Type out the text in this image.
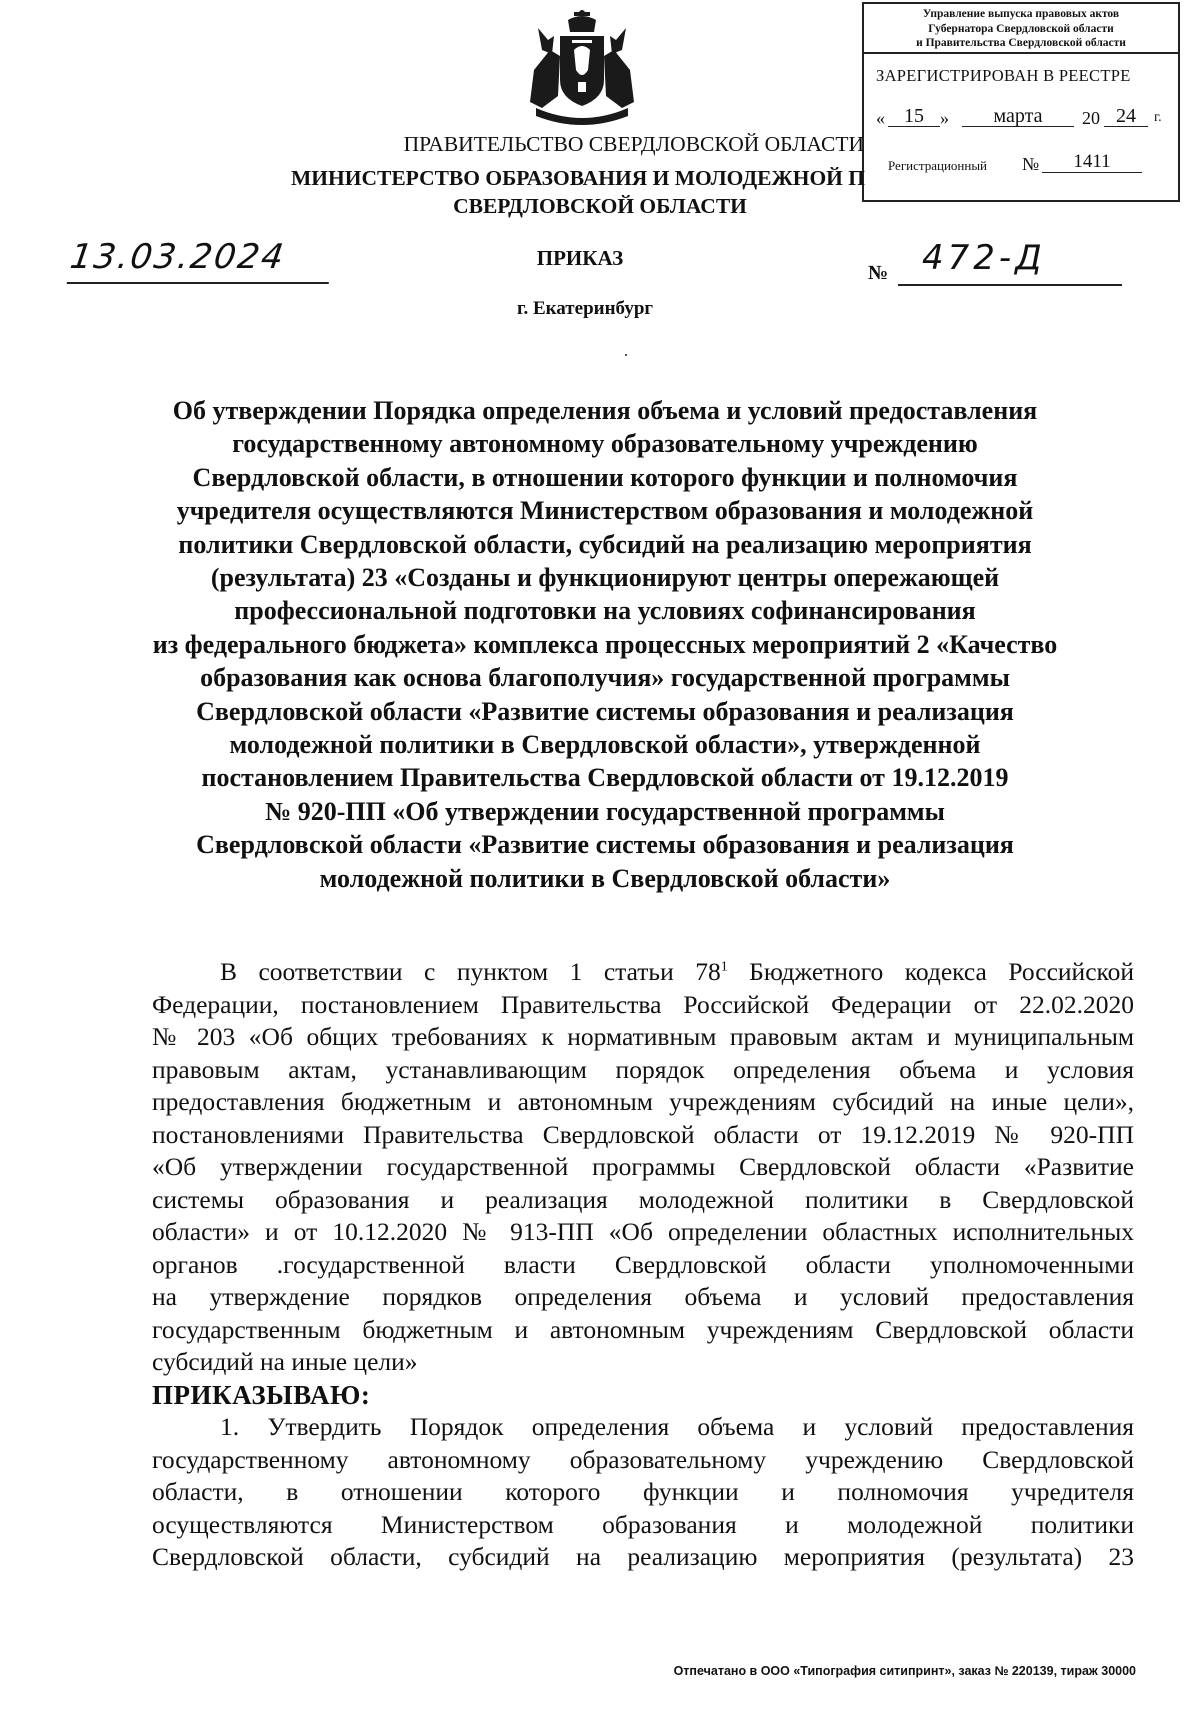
Управление выпуска правовых актов
Губернатора Свердловской области
и Правительства Свердловской области
ЗАРЕГИСТРИРОВАН В РЕЕСТРЕ
« 15 »	марта	20 24	г.
Регистрационный №	1411
ПРАВИТЕЛЬСТВО СВЕРДЛОВСКОЙ ОБЛАСТИ
МИНИСТЕРСТВО ОБРАЗОВАНИЯ И МОЛОДЕЖНОЙ П
СВЕРДЛОВСКОЙ ОБЛАСТИ
13.03.2024	ПРИКАЗ
№ 472-Д
г. Екатеринбург
Об утверждении Порядка определения объема и условий предоставления
государственному автономному образовательному учреждению
Свердловской области, в отношении которого функции и полномочия
учредителя осуществляются Министерством образования и молодежной
политики Свердловской области, субсидий на реализацию мероприятия
(результата) 23 «Созданы и функционируют центры опережающей
профессиональной подготовки на условиях софинансирования
из федерального бюджета» комплекса процессных мероприятий 2 «Качество
образования как основа благополучия» государственной программы
Свердловской области «Развитие системы образования и реализация
молодежной политики в Свердловской области», утвержденной
постановлением Правительства Свердловской области от 19.12.2019
№ 920-ПП «Об утверждении государственной программы
Свердловской области «Развитие системы образования и реализация
молодежной политики в Свердловской области»
В соответствии с пунктом 1 статьи $78^1$ Бюджетного кодекса Российской
Федерации, постановлением Правительства Российской Федерации от 22.02.2020
№ 203 «Об общих требованиях к нормативным правовым актам и муниципальным
правовым актам, устанавливающим порядок определения объема и условия
предоставления бюджетным и автономным учреждениям субсидий на иные цели»,
постановлениями Правительства Свердловской области от 19.12.2019 № 920-ПП
«Об утверждении государственной программы Свердловской области «Развитие
системы образования и реализация молодежной политики в Свердловской
области» и от 10.12.2020 № 913-ПП «Об определении областных исполнительных
органов .государственной власти Свердловской области уполномоченными
на утверждение порядков определения объема и условий предоставления
государственным бюджетным и автономным учреждениям Свердловской области
субсидий на иные цели»
ПРИКАЗЫВАЮ:
1. Утвердить Порядок определения объема и условий предоставления
государственному автономному образовательному учреждению Свердловской
области, в отношении которого функции и полномочия учредителя
осуществляются Министерством образования и молодежной политики
Свердловской области, субсидий на реализацию мероприятия (результата) 23
Отпечатано в ООО «Типография ситипринт», заказ № 220139, тираж 30000
